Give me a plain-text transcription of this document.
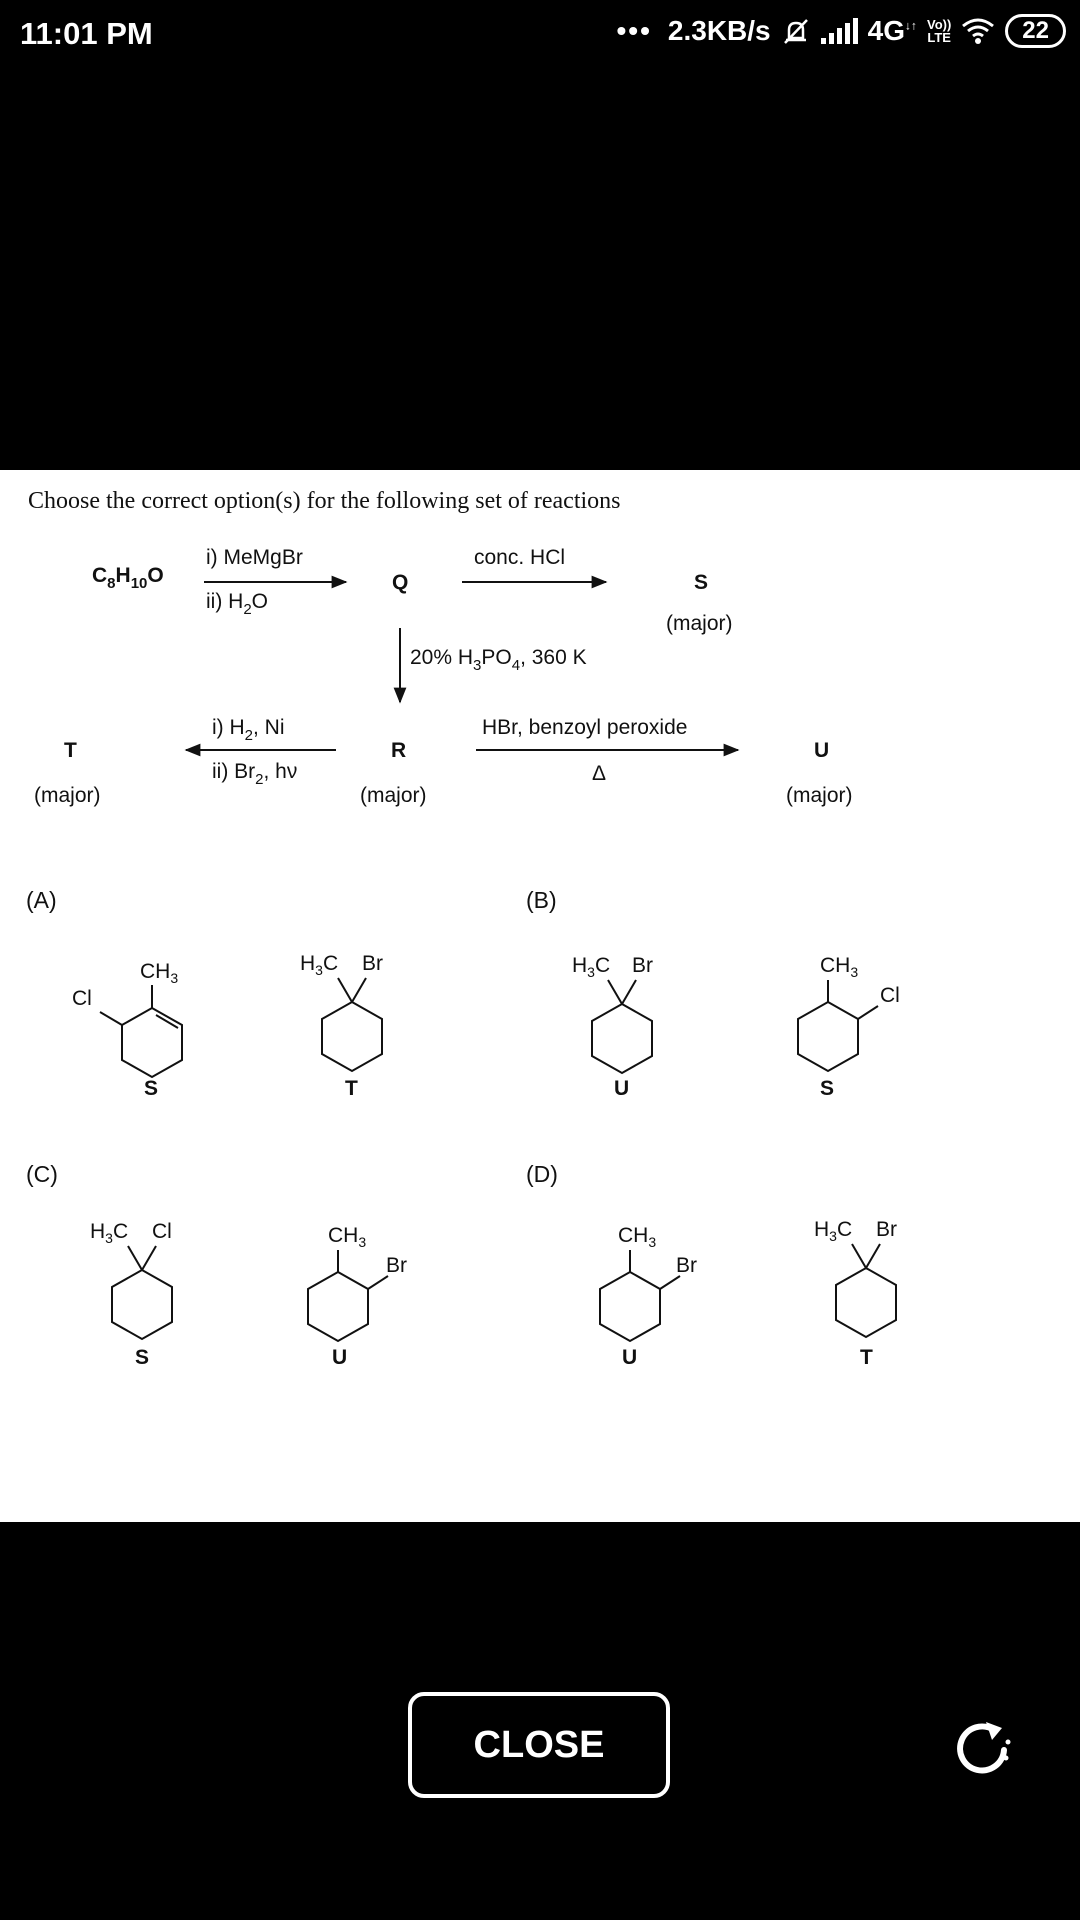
11:01 PM	••• 2.3KB/s	4G↓↑ Vo))
LTE	22
Choose the correct option(s) for the following set of reactions
$C_8H_{10}O$
i) MeMgBr
ii) $H_2O$
Q
conc. HCl
S
(major)
20% $H_3PO_4$, 360 K
T
(major)
i) $H_2$, Ni
ii) $Br_2$, hν
R
(major)
HBr, benzoyl peroxide
Δ
U
(major)
(A)	(B)
(C)	(D)
$CH_3$
Cl
S
$H_3C$ Br
T
$H_3C$ Br
U
$CH_3$
Cl
S
$H_3C$ Cl
S
$CH_3$
Br
U
$CH_3$
Br
U
$H_3C$ Br
T
CLOSE
